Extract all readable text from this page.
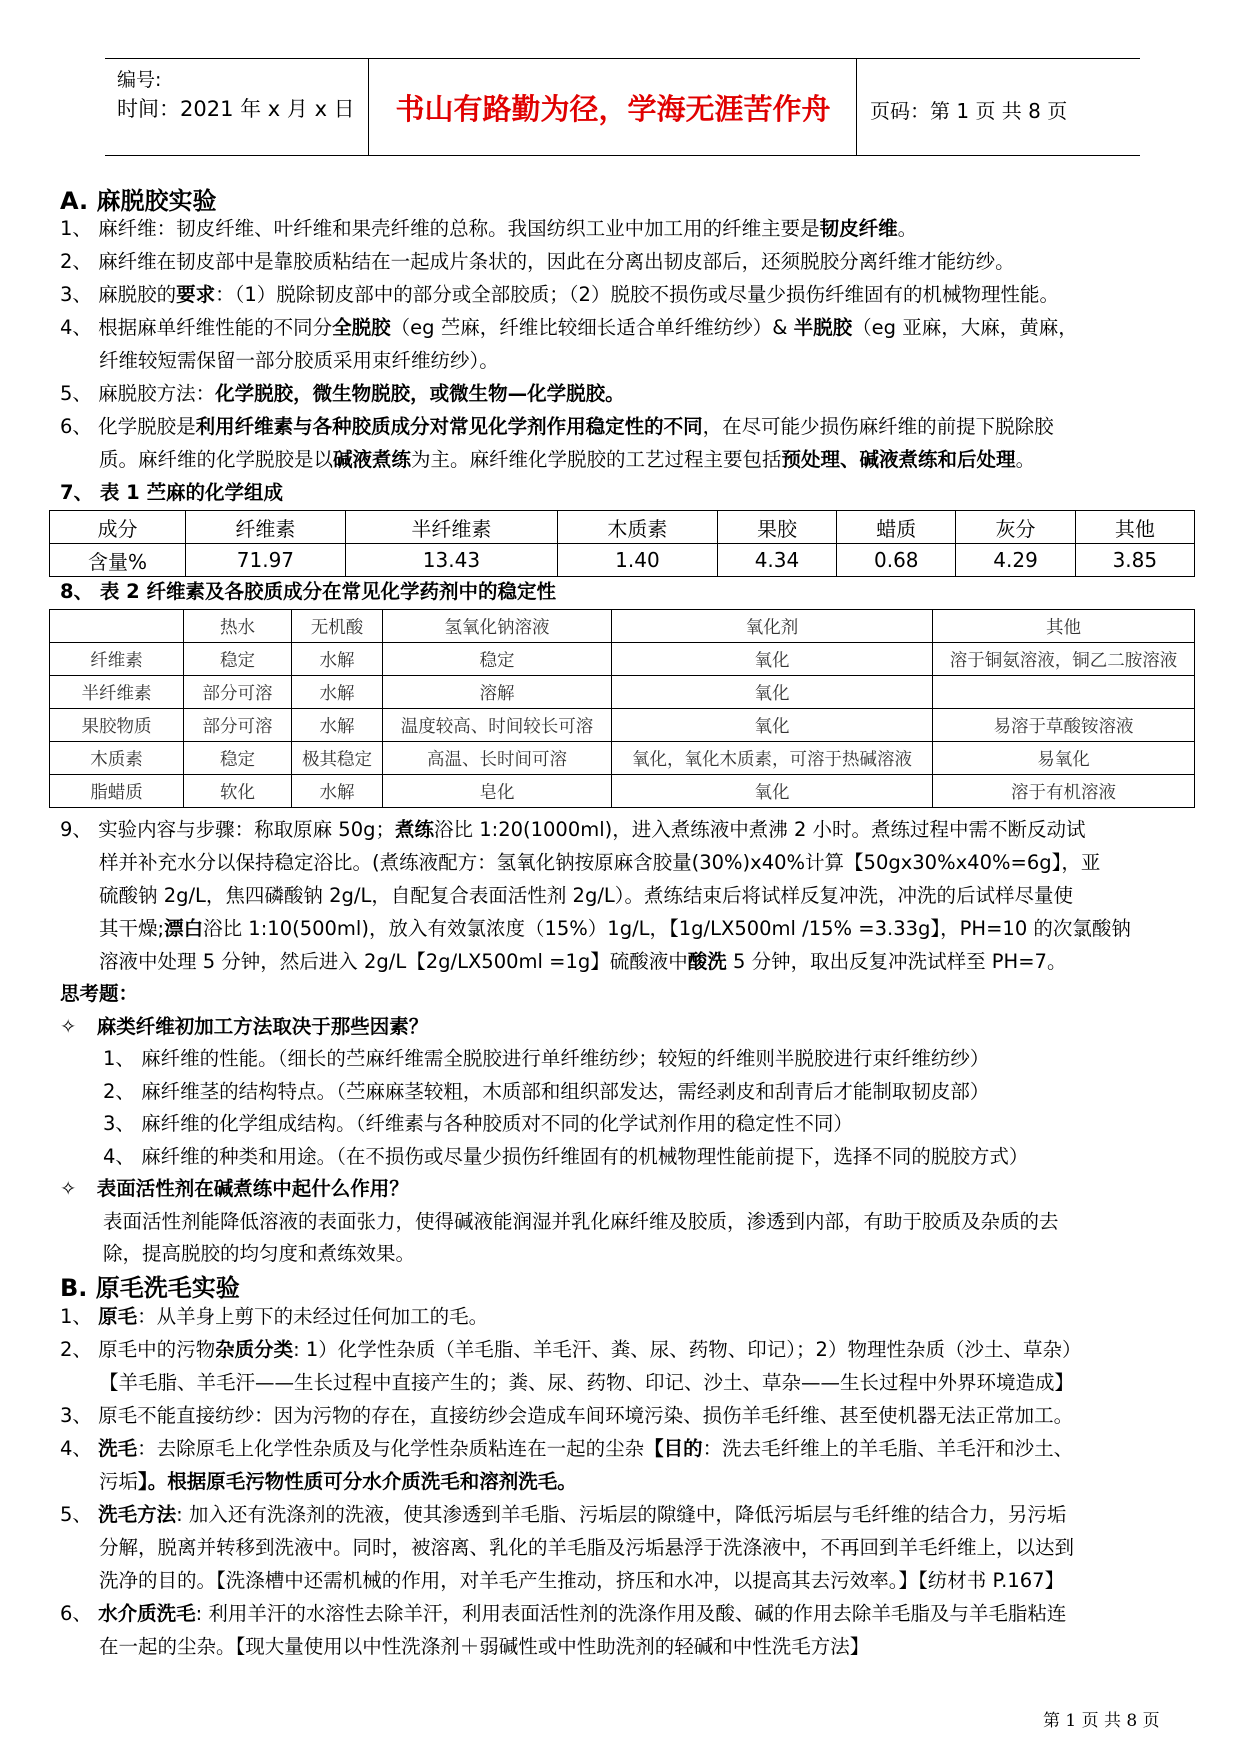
编号:
时间：2021 年 x 月 x 日	书山有路勤为径，学海无涯苦作舟	页码：第 1 页 共 8 页
A. 麻脱胶实验
1、 麻纤维：韧皮纤维、叶纤维和果壳纤维的总称。我国纺织工业中加工用的纤维主要是韧皮纤维。
2、 麻纤维在韧皮部中是靠胶质粘结在一起成片条状的，因此在分离出韧皮部后，还须脱胶分离纤维才能纺纱。
3、 麻脱胶的要求：（1）脱除韧皮部中的部分或全部胶质；（2）脱胶不损伤或尽量少损伤纤维固有的机械物理性能。
4、 根据麻单纤维性能的不同分全脱胶（eg 苎麻，纤维比较细长适合单纤维纺纱）& 半脱胶（eg 亚麻，大麻，黄麻，
纤维较短需保留一部分胶质采用束纤维纺纱）。
5、 麻脱胶方法：化学脱胶，微生物脱胶，或微生物—化学脱胶。
6、 化学脱胶是利用纤维素与各种胶质成分对常见化学剂作用稳定性的不同，在尽可能少损伤麻纤维的前提下脱除胶
质。麻纤维的化学脱胶是以碱液煮练为主。麻纤维化学脱胶的工艺过程主要包括预处理、碱液煮练和后处理。
7、 表 1 苎麻的化学组成
成分	纤维素	半纤维素	木质素	果胶	蜡质	灰分	其他
含量%	71.97	13.43	1.40	4.34	0.68	4.29	3.85
8、 表 2 纤维素及各胶质成分在常见化学药剂中的稳定性
	热水	无机酸	氢氧化钠溶液	氧化剂	其他
纤维素	稳定	水解	稳定	氧化	溶于铜氨溶液，铜乙二胺溶液
半纤维素	部分可溶	水解	溶解	氧化	
果胶物质	部分可溶	水解	温度较高、时间较长可溶	氧化	易溶于草酸铵溶液
木质素	稳定	极其稳定	高温、长时间可溶	氧化，氧化木质素，可溶于热碱溶液	易氧化
脂蜡质	软化	水解	皂化	氧化	溶于有机溶液
9、 实验内容与步骤：称取原麻 50g；煮练浴比 1:20(1000ml)，进入煮练液中煮沸 2 小时。煮练过程中需不断反动试
样并补充水分以保持稳定浴比。(煮练液配方：氢氧化钠按原麻含胶量(30%)x40%计算【50gx30%x40%=6g】，亚
硫酸钠 2g/L，焦四磷酸钠 2g/L，自配复合表面活性剂 2g/L）。煮练结束后将试样反复冲洗，冲洗的后试样尽量使
其干燥;漂白浴比 1:10(500ml)，放入有效氯浓度（15%）1g/L，【1g/LX500ml /15% =3.33g】，PH=10 的次氯酸钠
溶液中处理 5 分钟，然后进入 2g/L【2g/LX500ml =1g】硫酸液中酸洗 5 分钟，取出反复冲洗试样至 PH=7。
思考题：
✧ 麻类纤维初加工方法取决于那些因素？
1、 麻纤维的性能。（细长的苎麻纤维需全脱胶进行单纤维纺纱；较短的纤维则半脱胶进行束纤维纺纱）
2、 麻纤维茎的结构特点。（苎麻麻茎较粗，木质部和组织部发达，需经剥皮和刮青后才能制取韧皮部）
3、 麻纤维的化学组成结构。（纤维素与各种胶质对不同的化学试剂作用的稳定性不同）
4、 麻纤维的种类和用途。（在不损伤或尽量少损伤纤维固有的机械物理性能前提下，选择不同的脱胶方式）
✧ 表面活性剂在碱煮练中起什么作用？
表面活性剂能降低溶液的表面张力，使得碱液能润湿并乳化麻纤维及胶质，渗透到内部，有助于胶质及杂质的去
除，提高脱胶的均匀度和煮练效果。
B. 原毛洗毛实验
1、 原毛：从羊身上剪下的未经过任何加工的毛。
2、 原毛中的污物杂质分类: 1）化学性杂质（羊毛脂、羊毛汗、粪、尿、药物、印记）；2）物理性杂质（沙土、草杂）
【羊毛脂、羊毛汗——生长过程中直接产生的；粪、尿、药物、印记、沙土、草杂——生长过程中外界环境造成】
3、 原毛不能直接纺纱：因为污物的存在，直接纺纱会造成车间环境污染、损伤羊毛纤维、甚至使机器无法正常加工。
4、 洗毛：去除原毛上化学性杂质及与化学性杂质粘连在一起的尘杂【目的：洗去毛纤维上的羊毛脂、羊毛汗和沙土、
污垢】。根据原毛污物性质可分水介质洗毛和溶剂洗毛。
5、 洗毛方法: 加入还有洗涤剂的洗液，使其渗透到羊毛脂、污垢层的隙缝中，降低污垢层与毛纤维的结合力，另污垢
分解，脱离并转移到洗液中。同时，被溶离、乳化的羊毛脂及污垢悬浮于洗涤液中，不再回到羊毛纤维上，以达到
洗净的目的。【洗涤槽中还需机械的作用，对羊毛产生推动，挤压和水冲，以提高其去污效率。】【纺材书 P.167】
6、 水介质洗毛: 利用羊汗的水溶性去除羊汗，利用表面活性剂的洗涤作用及酸、碱的作用去除羊毛脂及与羊毛脂粘连
在一起的尘杂。【现大量使用以中性洗涤剂＋弱碱性或中性助洗剂的轻碱和中性洗毛方法】
第 1 页 共 8 页
